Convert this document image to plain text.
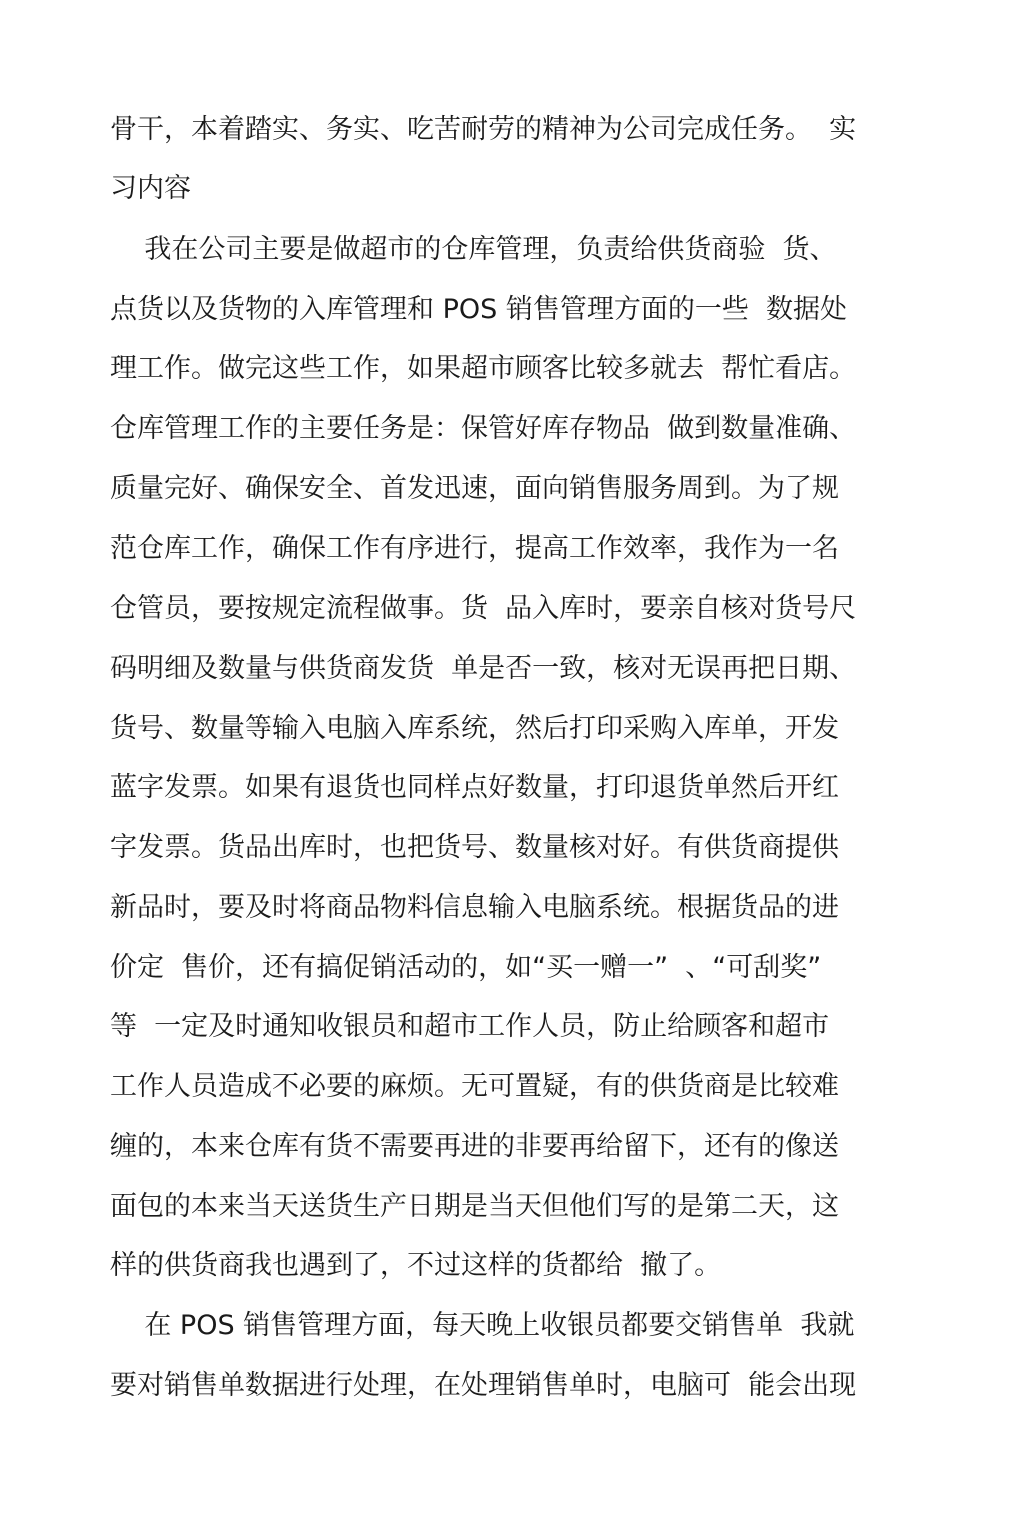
骨干，本着踏实、务实、吃苦耐劳的精神为公司完成任务。  实
习内容
我在公司主要是做超市的仓库管理，负责给供货商验  货、
点货以及货物的入库管理和 POS 销售管理方面的一些  数据处
理工作。做完这些工作，如果超市顾客比较多就去  帮忙看店。
仓库管理工作的主要任务是：保管好库存物品  做到数量准确、
质量完好、确保安全、首发迅速，面向销售服务周到。为了规
范仓库工作，确保工作有序进行，提高工作效率，我作为一名
仓管员，要按规定流程做事。货  品入库时，要亲自核对货号尺
码明细及数量与供货商发货  单是否一致，核对无误再把日期、
货号、数量等输入电脑入库系统，然后打印采购入库单，开发
蓝字发票。如果有退货也同样点好数量，打印退货单然后开红
字发票。货品出库时，也把货号、数量核对好。有供货商提供
新品时，要及时将商品物料信息输入电脑系统。根据货品的进
价定  售价，还有搞促销活动的，如“买一赠一”  、“可刮奖”
等  一定及时通知收银员和超市工作人员，防止给顾客和超市
工作人员造成不必要的麻烦。无可置疑，有的供货商是比较难
缠的，本来仓库有货不需要再进的非要再给留下，还有的像送
面包的本来当天送货生产日期是当天但他们写的是第二天，这
样的供货商我也遇到了，不过这样的货都给  撤了。
在 POS 销售管理方面，每天晚上收银员都要交销售单  我就
要对销售单数据进行处理，在处理销售单时，电脑可  能会出现
